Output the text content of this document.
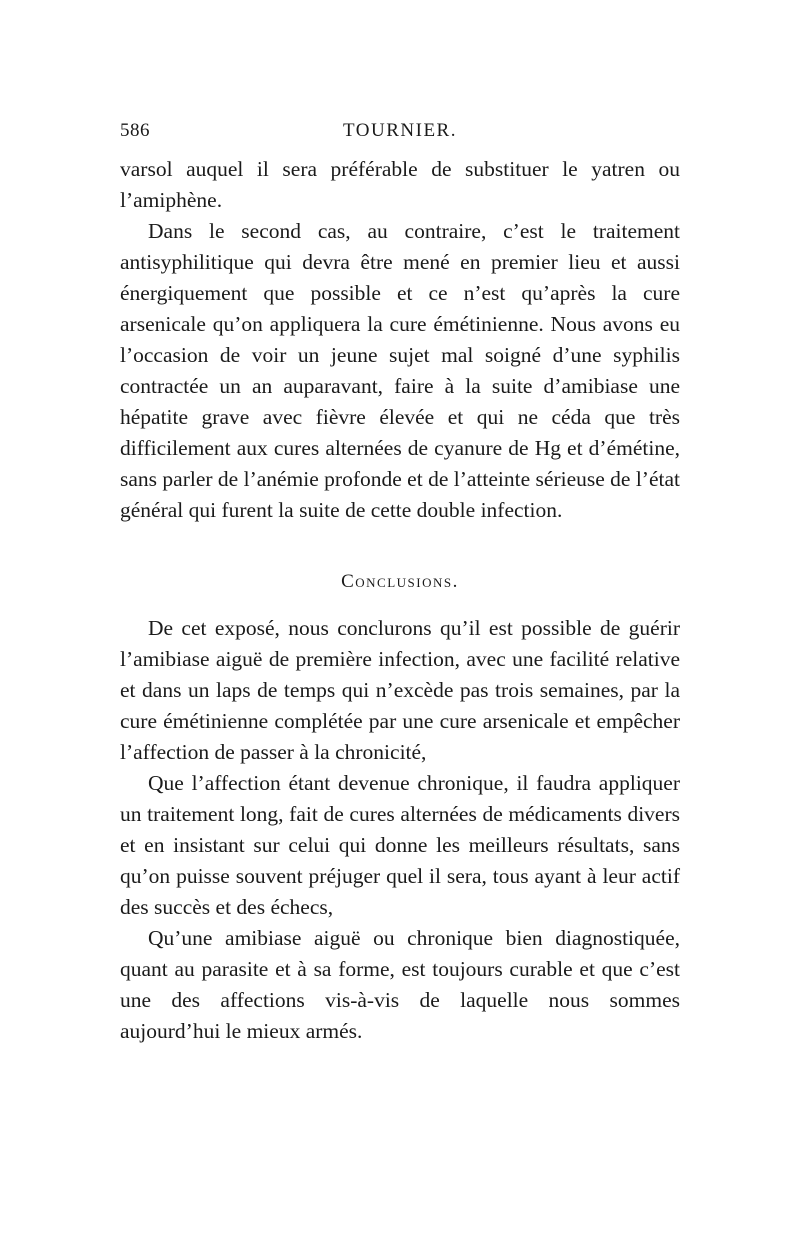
586	TOURNIER.

varsol auquel il sera préférable de substituer le yatren ou l’amiphène.

Dans le second cas, au contraire, c’est le traitement antisyphilitique qui devra être mené en premier lieu et aussi énergiquement que possible et ce n’est qu’après la cure arsenicale qu’on appliquera la cure émétinienne. Nous avons eu l’occasion de voir un jeune sujet mal soigné d’une syphilis contractée un an auparavant, faire à la suite d’amibiase une hépatite grave avec fièvre élevée et qui ne céda que très difficilement aux cures alternées de cyanure de Hg et d’émétine, sans parler de l’anémie profonde et de l’atteinte sérieuse de l’état général qui furent la suite de cette double infection.

Conclusions.

De cet exposé, nous conclurons qu’il est possible de guérir l’amibiase aiguë de première infection, avec une facilité relative et dans un laps de temps qui n’excède pas trois semaines, par la cure émétinienne complétée par une cure arsenicale et empêcher l’affection de passer à la chronicité,

Que l’affection étant devenue chronique, il faudra appliquer un traitement long, fait de cures alternées de médicaments divers et en insistant sur celui qui donne les meilleurs résultats, sans qu’on puisse souvent préjuger quel il sera, tous ayant à leur actif des succès et des échecs,

Qu’une amibiase aiguë ou chronique bien diagnostiquée, quant au parasite et à sa forme, est toujours curable et que c’est une des affections vis-à-vis de laquelle nous sommes aujourd’hui le mieux armés.
